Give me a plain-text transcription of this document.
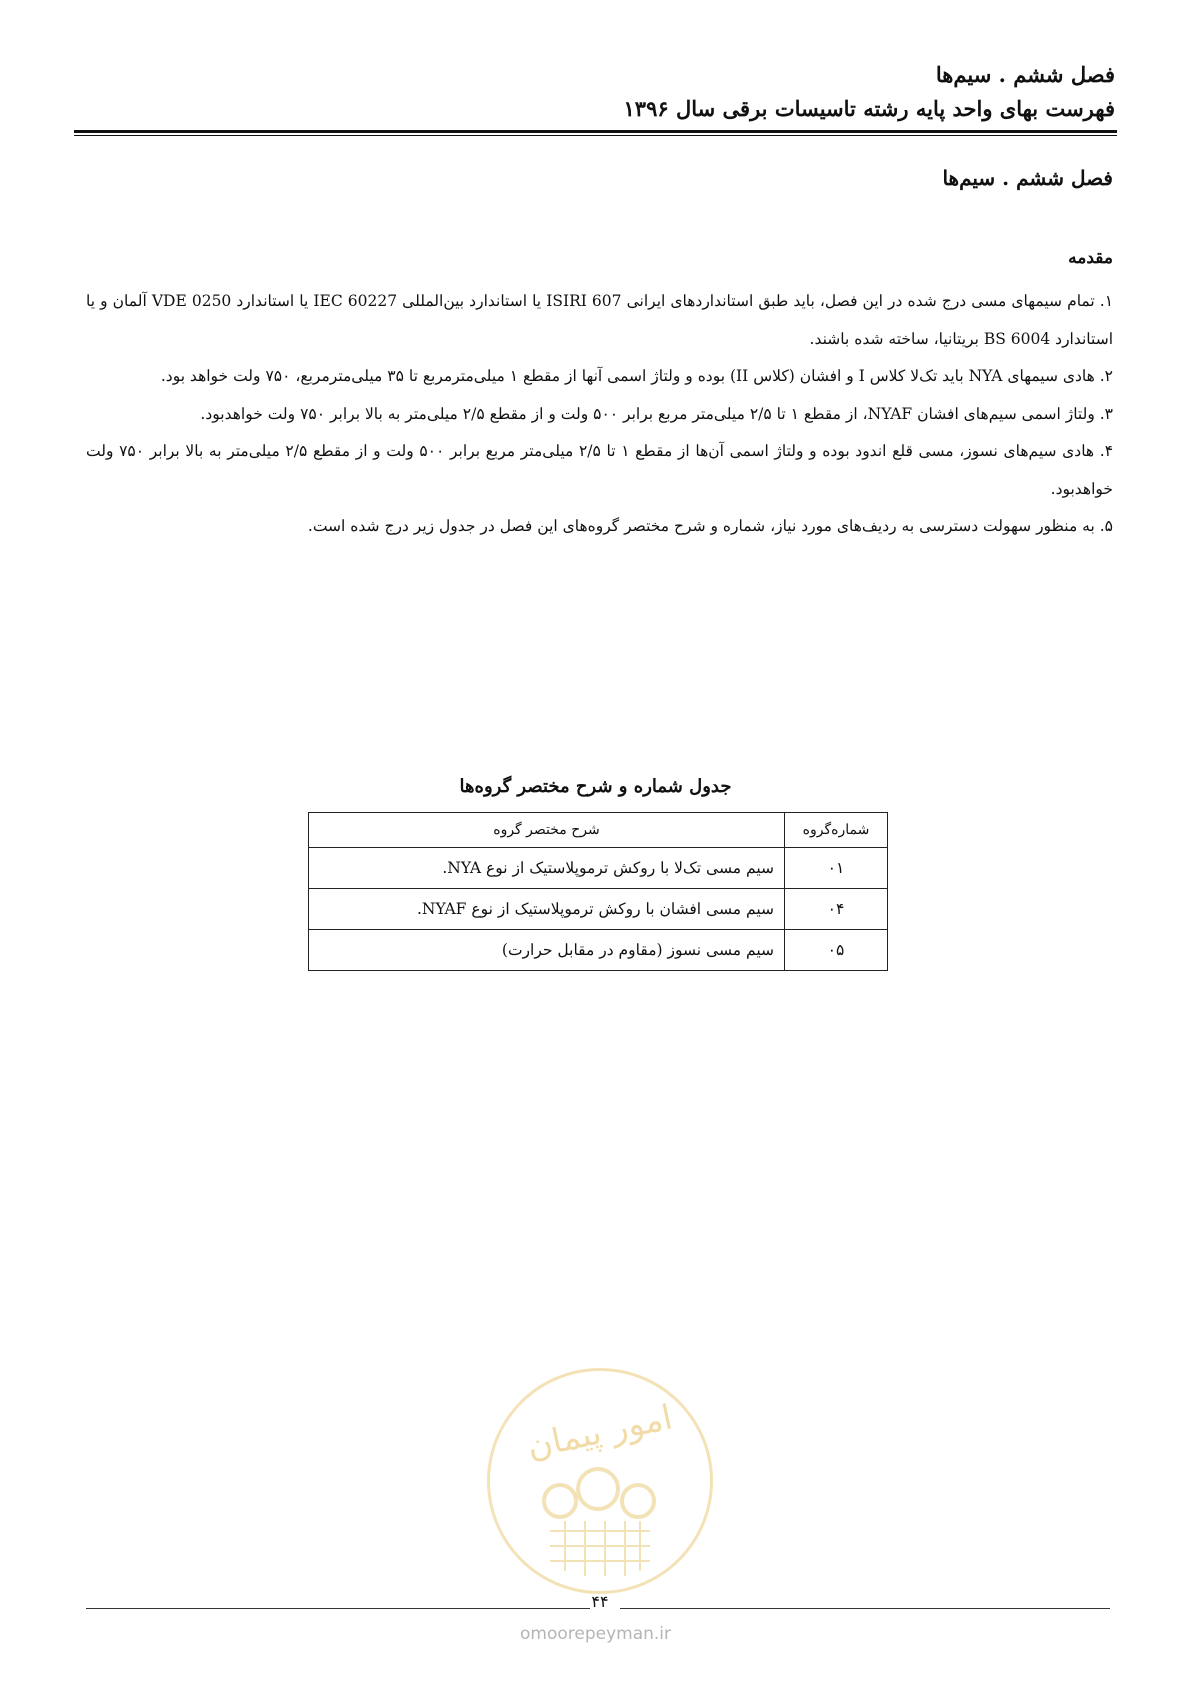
فصل ششم . سیم‌ها
فهرست بهای واحد پایه رشته تاسیسات برقی سال ۱۳۹۶
فصل ششم . سیم‌ها
مقدمه

۱. تمام سیمهای مسی درج شده در این فصل، باید طبق استانداردهای ایرانی ISIRI 607 یا استاندارد بین‌المللی IEC 60227 یا استاندارد VDE 0250 آلمان و یا استاندارد BS 6004 بریتانیا، ساخته شده باشند.

۲. هادی سیمهای NYA باید تک‌لا کلاس I و افشان (کلاس II) بوده و ولتاژ اسمی آنها از مقطع ۱ میلی‌مترمربع تا ۳۵ میلی‌مترمربع، ۷۵۰ ولت خواهد بود.

۳. ولتاژ اسمی سیم‌های افشان NYAF، از مقطع ۱ تا ۲/۵ میلی‌متر مربع برابر ۵۰۰ ولت و از مقطع ۲/۵ میلی‌متر به بالا برابر ۷۵۰ ولت خواهدبود.

۴. هادی سیم‌های نسوز، مسی قلع اندود بوده و ولتاژ اسمی آن‌ها از مقطع ۱ تا ۲/۵ میلی‌متر مربع برابر ۵۰۰ ولت و از مقطع ۲/۵ میلی‌متر به بالا برابر ۷۵۰ ولت خواهدبود.

۵. به منظور سهولت دسترسی به ردیف‌های مورد نیاز، شماره و شرح مختصر گروه‌های این فصل در جدول زیر درج شده است.

جدول شماره و شرح مختصر گروه‌ها
شماره‌گروه	شرح مختصر گروه
۰۱	سیم مسی تک‌لا با روکش ترموپلاستیک از نوع NYA.
۰۴	سیم مسی افشان با روکش ترموپلاستیک از نوع NYAF.
۰۵	سیم مسی نسوز (مقاوم در مقابل حرارت)
امور پیمان
۴۴
omoorepeyman.ir
